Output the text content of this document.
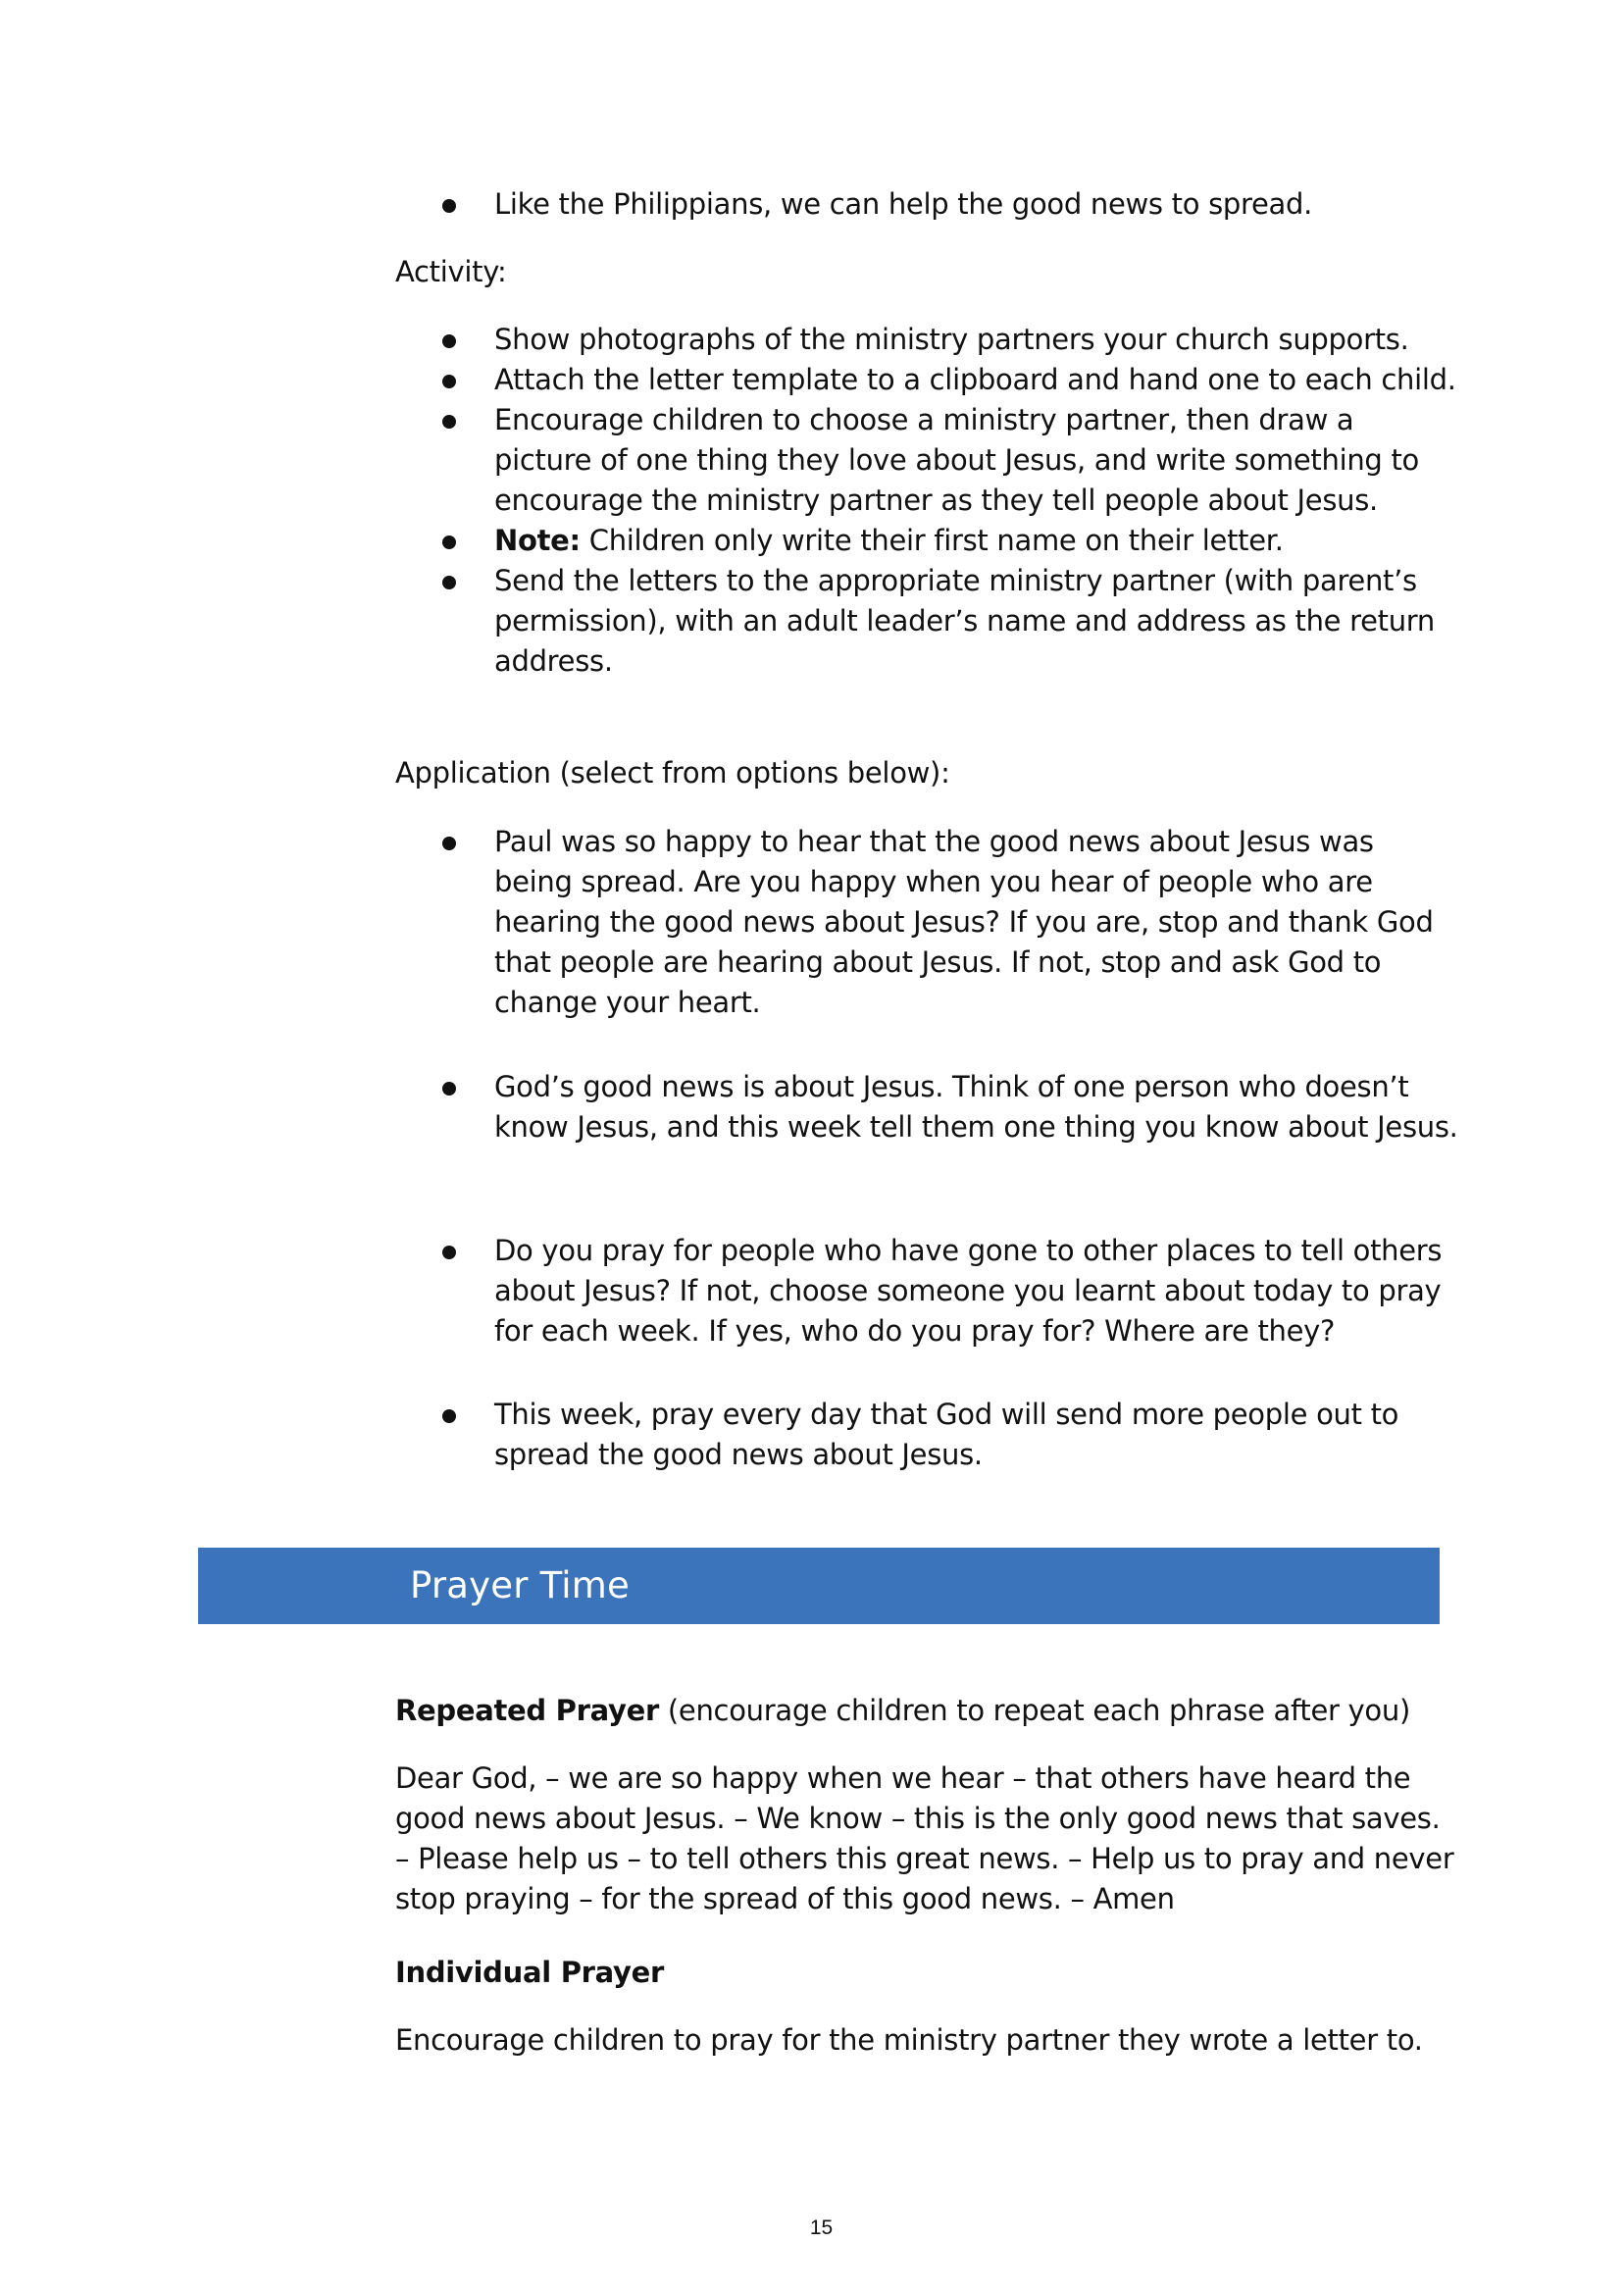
Like the Philippians, we can help the good news to spread.

Activity:

Show photographs of the ministry partners your church supports.
Attach the letter template to a clipboard and hand one to each child.
Encourage children to choose a ministry partner, then draw a picture of one thing they love about Jesus, and write something to encourage the ministry partner as they tell people about Jesus.
Note: Children only write their first name on their letter.
Send the letters to the appropriate ministry partner (with parent’s permission), with an adult leader’s name and address as the return address.

Application (select from options below):

Paul was so happy to hear that the good news about Jesus was being spread. Are you happy when you hear of people who are hearing the good news about Jesus? If you are, stop and thank God that people are hearing about Jesus. If not, stop and ask God to change your heart.
God’s good news is about Jesus. Think of one person who doesn’t know Jesus, and this week tell them one thing you know about Jesus.
Do you pray for people who have gone to other places to tell others about Jesus? If not, choose someone you learnt about today to pray for each week. If yes, who do you pray for? Where are they?
This week, pray every day that God will send more people out to spread the good news about Jesus.
Prayer Time

Repeated Prayer (encourage children to repeat each phrase after you)

Dear God, – we are so happy when we hear – that others have heard the good news about Jesus. – We know – this is the only good news that saves. – Please help us – to tell others this great news. – Help us to pray and never stop praying – for the spread of this good news. – Amen

Individual Prayer

Encourage children to pray for the ministry partner they wrote a letter to.

15
